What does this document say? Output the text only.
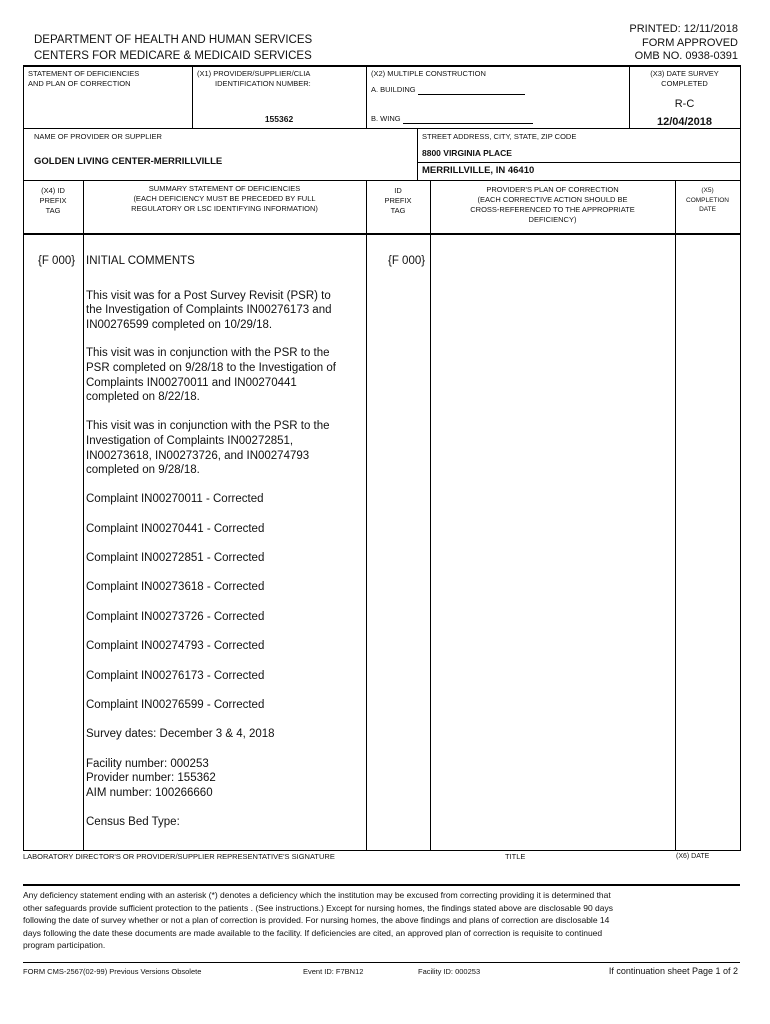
PRINTED: 12/11/2018
FORM APPROVED
OMB NO. 0938-0391
DEPARTMENT OF HEALTH AND HUMAN SERVICES
CENTERS FOR MEDICARE & MEDICAID SERVICES
STATEMENT OF DEFICIENCIES
AND PLAN OF CORRECTION
(X1) PROVIDER/SUPPLIER/CLIA
IDENTIFICATION NUMBER:
155362
(X2) MULTIPLE CONSTRUCTION
A. BUILDING
B. WING
(X3) DATE SURVEY
COMPLETED
R-C
12/04/2018
NAME OF PROVIDER OR SUPPLIER
GOLDEN LIVING CENTER-MERRILLVILLE
STREET ADDRESS, CITY, STATE, ZIP CODE
8800 VIRGINIA PLACE
MERRILLVILLE, IN 46410
(X4) ID
PREFIX
TAG
SUMMARY STATEMENT OF DEFICIENCIES
(EACH DEFICIENCY MUST BE PRECEDED BY FULL
REGULATORY OR LSC IDENTIFYING INFORMATION)
ID
PREFIX
TAG
PROVIDER'S PLAN OF CORRECTION
(EACH CORRECTIVE ACTION SHOULD BE
CROSS-REFERENCED TO THE APPROPRIATE
DEFICIENCY)
(X5)
COMPLETION
DATE
{F 000}	{F 000}
INITIAL COMMENTS
This visit was for a Post Survey Revisit (PSR) to
the Investigation of Complaints IN00276173 and
IN00276599 completed on 10/29/18.
This visit was in conjunction with the PSR to the
PSR completed on 9/28/18 to the Investigation of
Complaints IN00270011 and IN00270441
completed on 8/22/18.
This visit was in conjunction with the PSR to the
Investigation of Complaints IN00272851,
IN00273618, IN00273726, and IN00274793
completed on 9/28/18.
Complaint IN00270011 - Corrected
Complaint IN00270441 - Corrected
Complaint IN00272851 - Corrected
Complaint IN00273618 - Corrected
Complaint IN00273726 - Corrected
Complaint IN00274793 - Corrected
Complaint IN00276173 - Corrected
Complaint IN00276599 - Corrected
Survey dates: December 3 & 4, 2018
Facility number: 000253
Provider number: 155362
AIM number: 100266660
Census Bed Type:
LABORATORY DIRECTOR'S OR PROVIDER/SUPPLIER REPRESENTATIVE'S SIGNATURE	TITLE	(X6) DATE
Any deficiency statement ending with an asterisk (*) denotes a deficiency which the institution may be excused from correcting providing it is determined that
other safeguards provide sufficient protection to the patients . (See instructions.) Except for nursing homes, the findings stated above are disclosable 90 days
following the date of survey whether or not a plan of correction is provided. For nursing homes, the above findings and plans of correction are disclosable 14
days following the date these documents are made available to the facility. If deficiencies are cited, an approved plan of correction is requisite to continued
program participation.
FORM CMS-2567(02-99) Previous Versions Obsolete	Event ID: F7BN12	Facility ID: 000253	If continuation sheet Page 1 of 2
